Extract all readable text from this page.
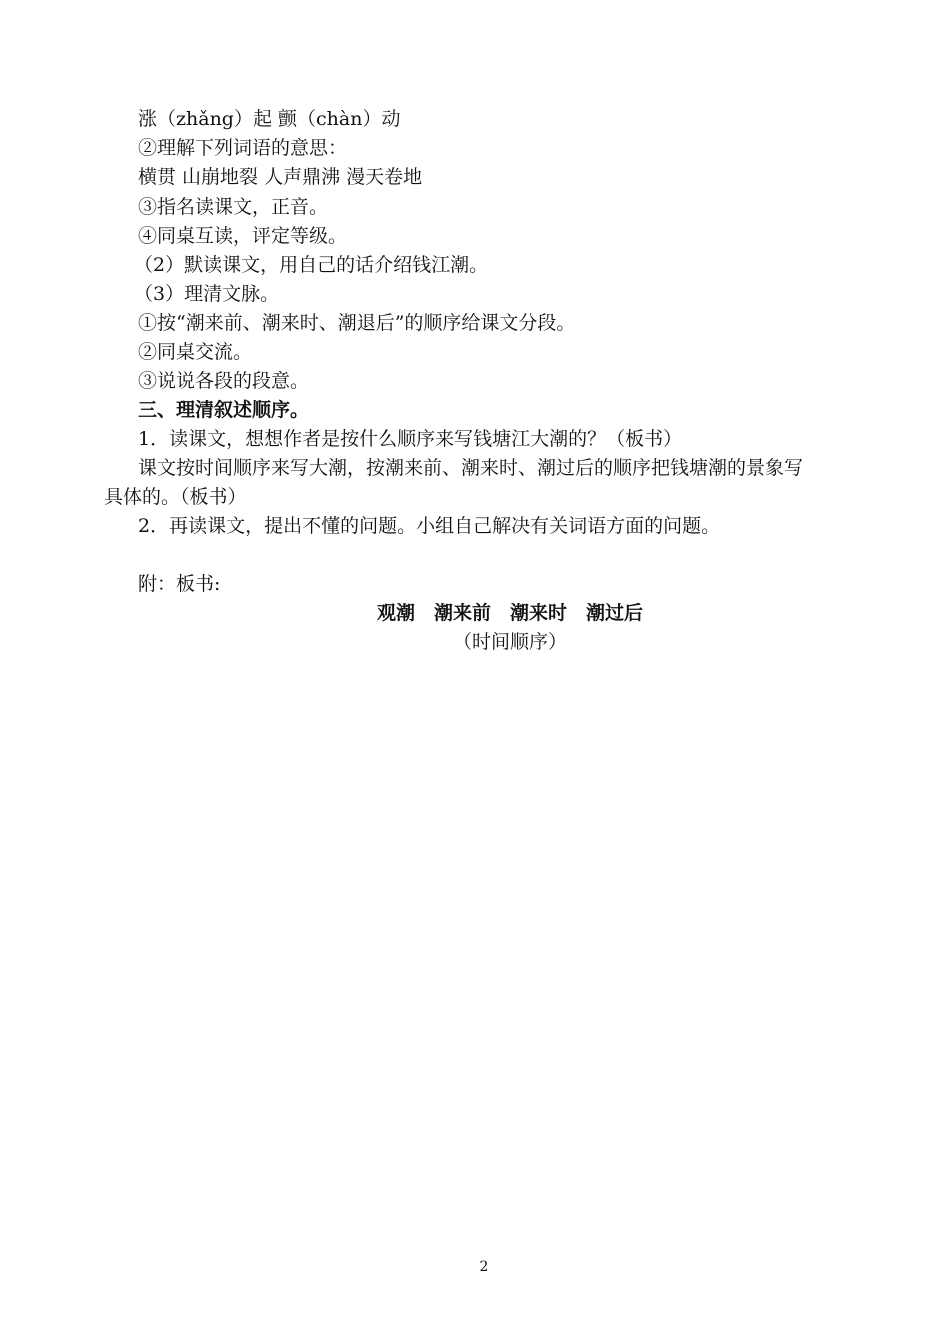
涨（zhǎng）起 颤（chàn）动
②理解下列词语的意思：
横贯 山崩地裂 人声鼎沸 漫天卷地
③指名读课文，正音。
④同桌互读，评定等级。
（2）默读课文，用自己的话介绍钱江潮。
（3）理清文脉。
①按“潮来前、潮来时、潮退后”的顺序给课文分段。
②同桌交流。
③说说各段的段意。
三、理清叙述顺序。
1．读课文，想想作者是按什么顺序来写钱塘江大潮的？（板书）
课文按时间顺序来写大潮，按潮来前、潮来时、潮过后的顺序把钱塘潮的景象写
具体的。（板书）
2．再读课文，提出不懂的问题。小组自己解决有关词语方面的问题。
附：板书:
观潮　潮来前　潮来时　潮过后
（时间顺序）
2
